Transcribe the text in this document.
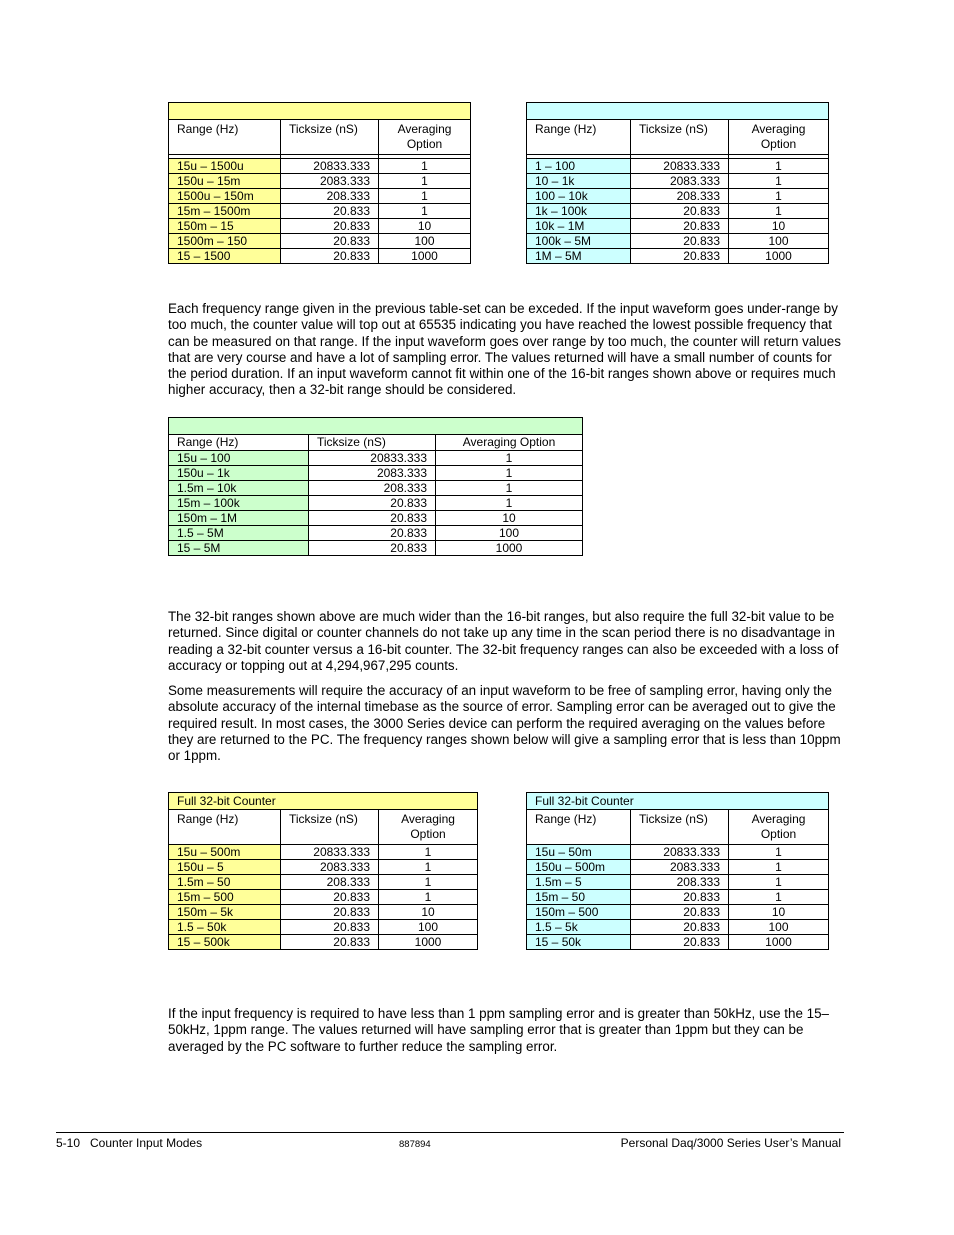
Range (Hz)	Ticksize (nS)	Averaging Option

15u – 1500u	20833.333	1
150u – 15m	2083.333	1
1500u – 150m	208.333	1
15m – 1500m	20.833	1
150m – 15	20.833	10
1500m – 150	20.833	100
15 – 1500	20.833	1000

Range (Hz)	Ticksize (nS)	Averaging Option

1 – 100	20833.333	1
10 – 1k	2083.333	1
100 – 10k	208.333	1
1k – 100k	20.833	1
10k – 1M	20.833	10
100k – 5M	20.833	100
1M – 5M	20.833	1000

Each frequency range given in the previous table-set can be exceded. If the input waveform goes under-range by too much, the counter value will top out at 65535 indicating you have reached the lowest possible frequency that can be measured on that range. If the input waveform goes over range by too much, the counter will return values that are very course and have a lot of sampling error. The values returned will have a small number of counts for the period duration. If an input waveform cannot fit within one of the 16-bit ranges shown above or requires much higher accuracy, then a 32-bit range should be considered.

Range (Hz)	Ticksize (nS)	Averaging Option
15u – 100	20833.333	1
150u – 1k	2083.333	1
1.5m – 10k	208.333	1
15m – 100k	20.833	1
150m – 1M	20.833	10
1.5 – 5M	20.833	100
15 – 5M	20.833	1000

The 32-bit ranges shown above are much wider than the 16-bit ranges, but also require the full 32-bit value to be returned. Since digital or counter channels do not take up any time in the scan period there is no disadvantage in reading a 32-bit counter versus a 16-bit counter. The 32-bit frequency ranges can also be exceeded with a loss of accuracy or topping out at 4,294,967,295 counts.

Some measurements will require the accuracy of an input waveform to be free of sampling error, having only the absolute accuracy of the internal timebase as the source of error. Sampling error can be averaged out to give the required result. In most cases, the 3000 Series device can perform the required averaging on the values before they are returned to the PC. The frequency ranges shown below will give a sampling error that is less than 10ppm or 1ppm.

Full 32-bit Counter		
Range (Hz)	Ticksize (nS)	Averaging Option
15u – 500m	20833.333	1
150u – 5	2083.333	1
1.5m – 50	208.333	1
15m – 500	20.833	1
150m – 5k	20.833	10
1.5 – 50k	20.833	100
15 – 500k	20.833	1000
Full 32-bit Counter		
Range (Hz)	Ticksize (nS)	Averaging Option
15u – 50m	20833.333	1
150u – 500m	2083.333	1
1.5m – 5	208.333	1
15m – 50	20.833	1
150m – 500	20.833	10
1.5 – 5k	20.833	100
15 – 50k	20.833	1000

If the input frequency is required to have less than 1 ppm sampling error and is greater than 50kHz, use the 15– 50kHz, 1ppm range. The values returned will have sampling error that is greater than 1ppm but they can be averaged by the PC software to further reduce the sampling error.

5-10   Counter Input Modes	887894	Personal Daq/3000 Series User’s Manual
